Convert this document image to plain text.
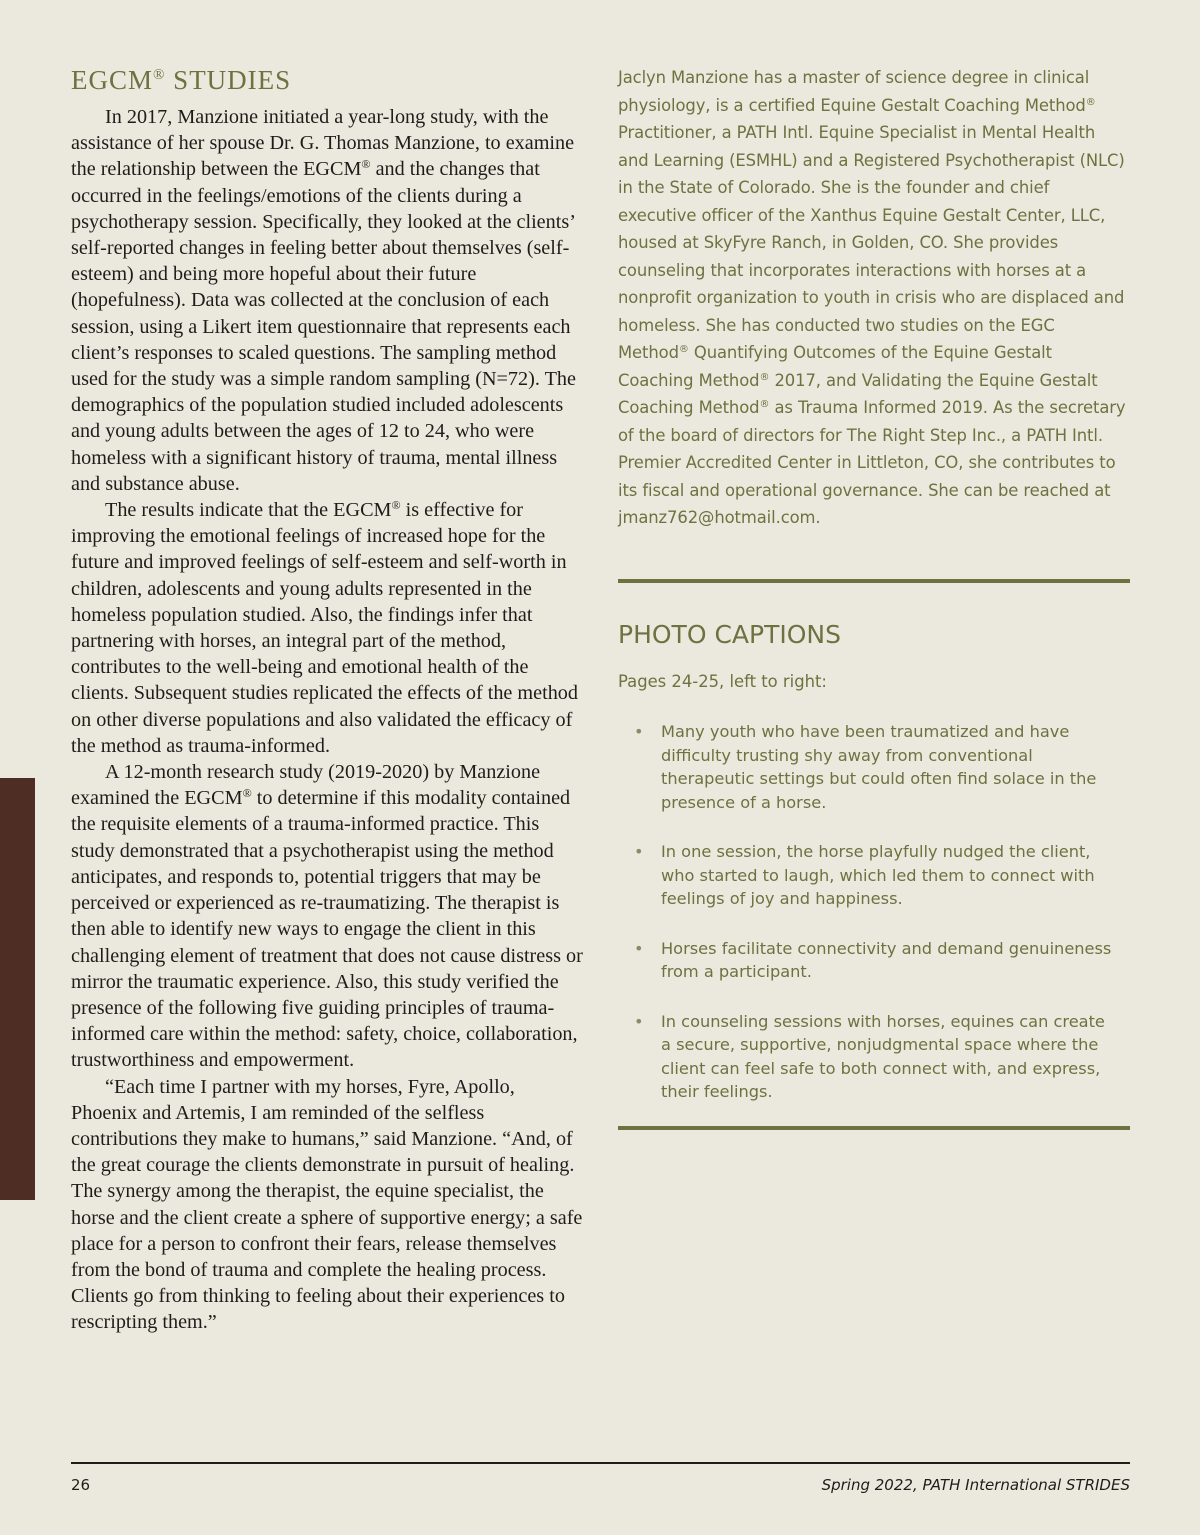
EGCM® STUDIES

In 2017, Manzione initiated a year-long study, with the assistance of her spouse Dr. G. Thomas Manzione, to examine the relationship between the EGCM® and the changes that occurred in the feelings/emotions of the clients during a psychotherapy session. Specifically, they looked at the clients’ self-reported changes in feeling better about themselves (self-esteem) and being more hopeful about their future (hopefulness). Data was collected at the conclusion of each session, using a Likert item questionnaire that represents each client’s responses to scaled questions. The sampling method used for the study was a simple random sampling (N=72). The demographics of the population studied included adolescents and young adults between the ages of 12 to 24, who were homeless with a significant history of trauma, mental illness and substance abuse.

The results indicate that the EGCM® is effective for improving the emotional feelings of increased hope for the future and improved feelings of self-esteem and self-worth in children, adolescents and young adults represented in the homeless population studied. Also, the findings infer that partnering with horses, an integral part of the method, contributes to the well-being and emotional health of the clients. Subsequent studies replicated the effects of the method on other diverse populations and also validated the efficacy of the method as trauma-informed.

A 12-month research study (2019-2020) by Manzione examined the EGCM® to determine if this modality contained the requisite elements of a trauma-informed practice. This study demonstrated that a psychotherapist using the method anticipates, and responds to, potential triggers that may be perceived or experienced as re-traumatizing. The therapist is then able to identify new ways to engage the client in this challenging element of treatment that does not cause distress or mirror the traumatic experience. Also, this study verified the presence of the following five guiding principles of trauma-informed care within the method: safety, choice, collaboration, trustworthiness and empowerment.

“Each time I partner with my horses, Fyre, Apollo, Phoenix and Artemis, I am reminded of the selfless contributions they make to humans,” said Manzione. “And, of the great courage the clients demonstrate in pursuit of healing. The synergy among the therapist, the equine specialist, the horse and the client create a sphere of supportive energy; a safe place for a person to confront their fears, release themselves from the bond of trauma and complete the healing process. Clients go from thinking to feeling about their experiences to rescripting them.”

Jaclyn Manzione has a master of science degree in clinical physiology, is a certified Equine Gestalt Coaching Method® Practitioner, a PATH Intl. Equine Specialist in Mental Health and Learning (ESMHL) and a Registered Psychotherapist (NLC) in the State of Colorado. She is the founder and chief executive officer of the Xanthus Equine Gestalt Center, LLC, housed at SkyFyre Ranch, in Golden, CO. She provides counseling that incorporates interactions with horses at a nonprofit organization to youth in crisis who are displaced and homeless. She has conducted two studies on the EGC Method® Quantifying Outcomes of the Equine Gestalt Coaching Method® 2017, and Validating the Equine Gestalt Coaching Method® as Trauma Informed 2019. As the secretary of the board of directors for The Right Step Inc., a PATH Intl. Premier Accredited Center in Littleton, CO, she contributes to its fiscal and operational governance. She can be reached at jmanz762@hotmail.com.

PHOTO CAPTIONS

Pages 24-25, left to right:

• Many youth who have been traumatized and have difficulty trusting shy away from conventional therapeutic settings but could often find solace in the presence of a horse.
• In one session, the horse playfully nudged the client, who started to laugh, which led them to connect with feelings of joy and happiness.
• Horses facilitate connectivity and demand genuineness from a participant.
• In counseling sessions with horses, equines can create a secure, supportive, nonjudgmental space where the client can feel safe to both connect with, and express, their feelings.
26	Spring 2022, PATH International STRIDES
